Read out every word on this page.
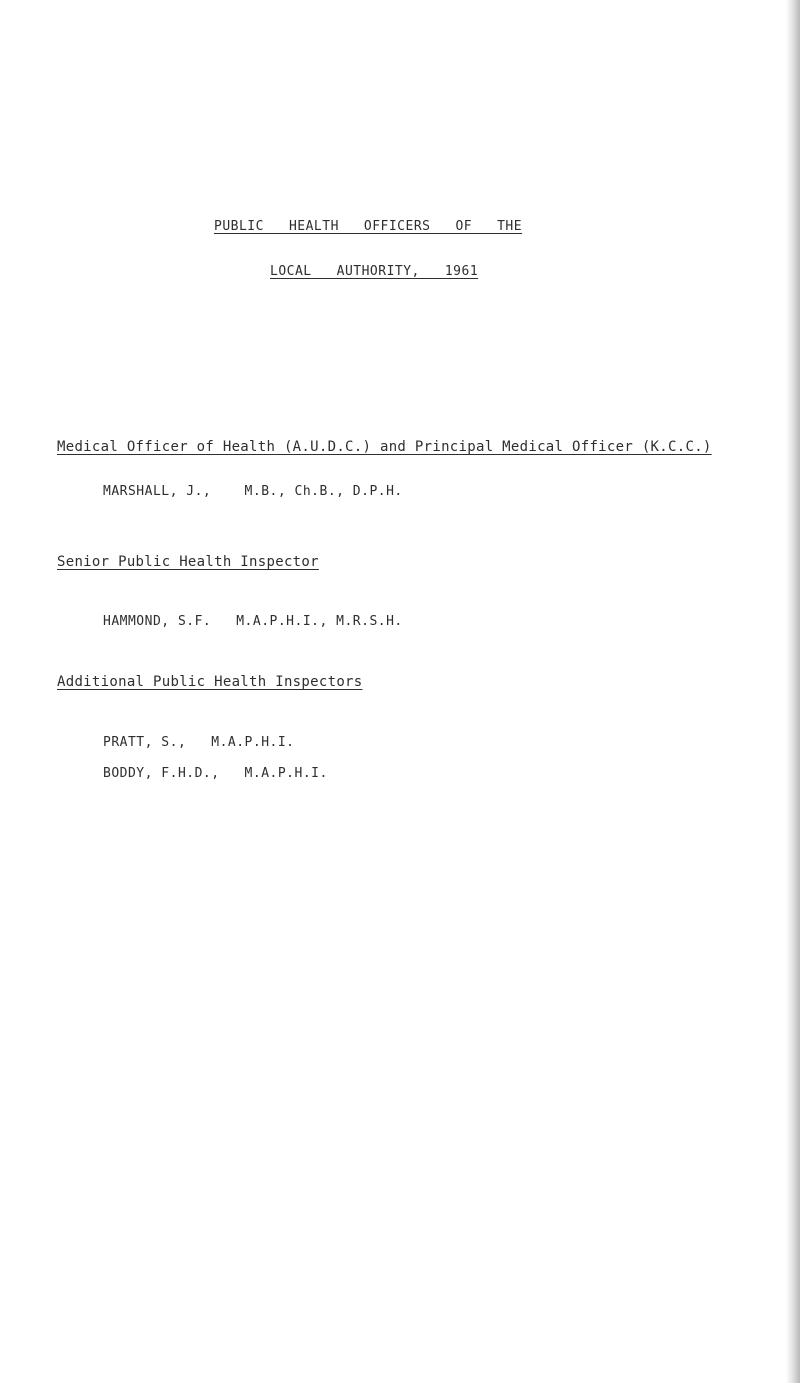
PUBLIC   HEALTH   OFFICERS   OF   THE
LOCAL   AUTHORITY,   1961
Medical Officer of Health (A.U.D.C.) and Principal Medical Officer (K.C.C.)
MARSHALL, J.,    M.B., Ch.B., D.P.H.
Senior Public Health Inspector
HAMMOND, S.F.   M.A.P.H.I., M.R.S.H.
Additional Public Health Inspectors
PRATT, S.,   M.A.P.H.I.
BODDY, F.H.D.,   M.A.P.H.I.
